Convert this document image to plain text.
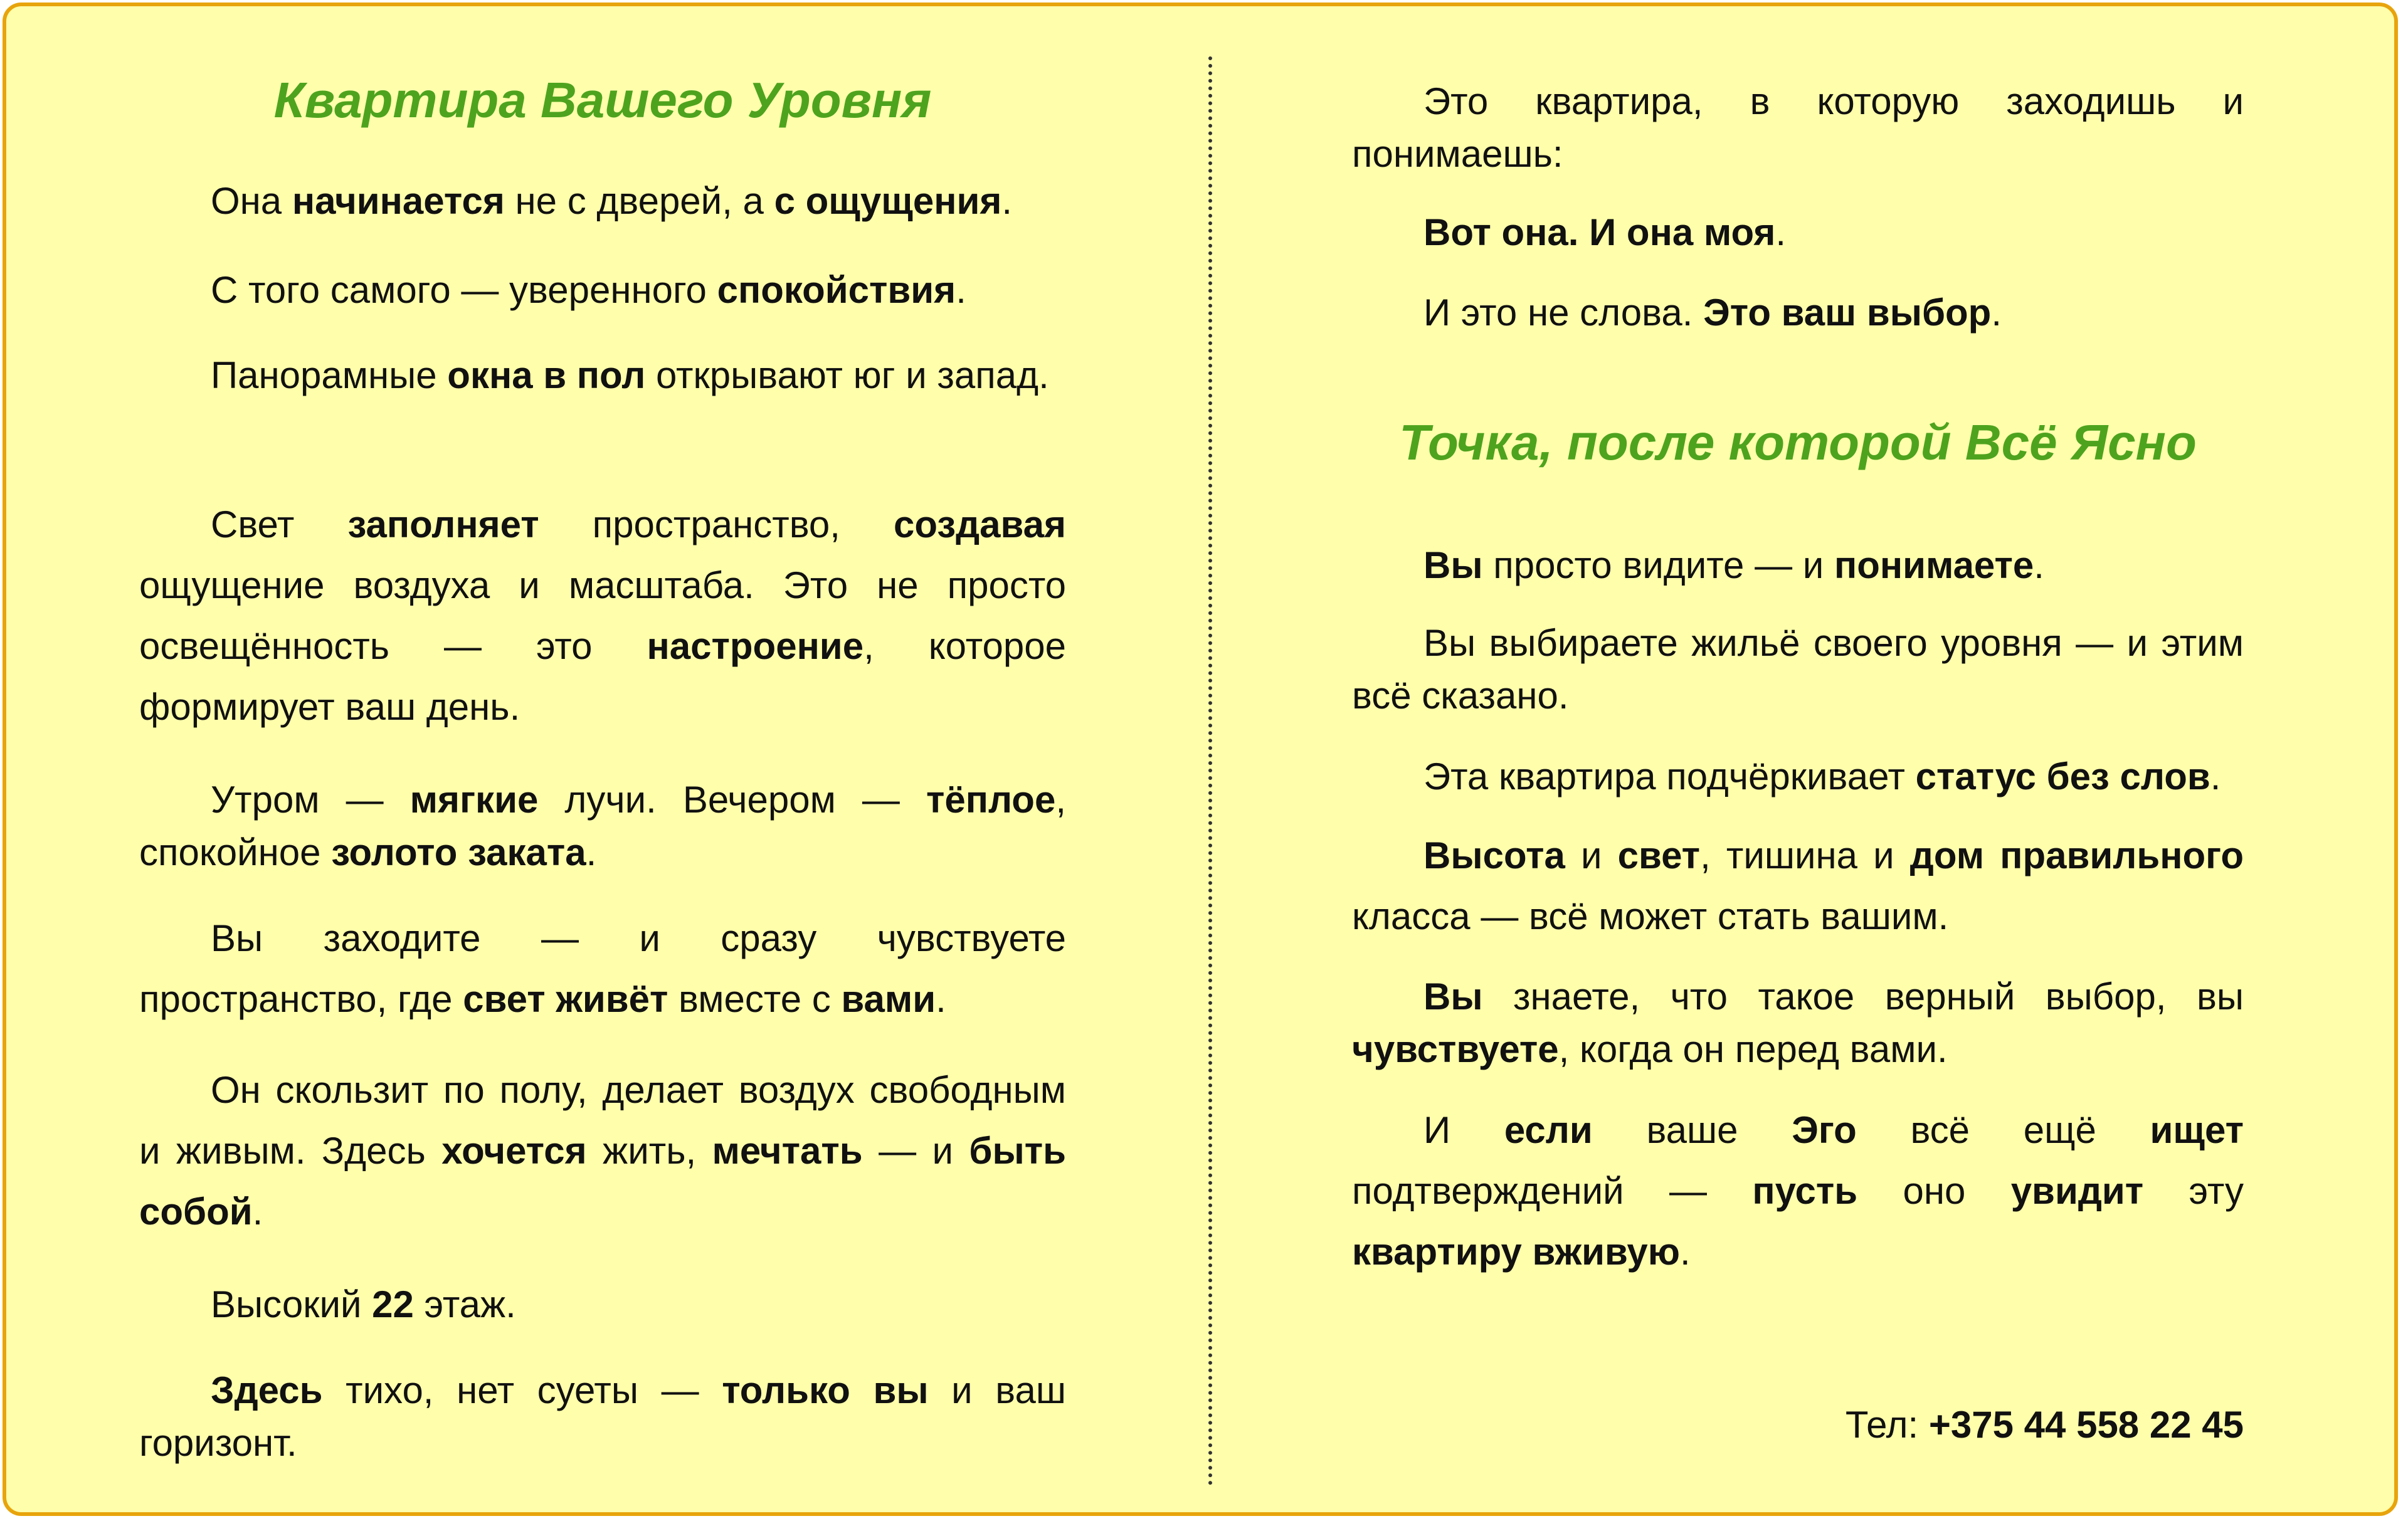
Квартира Вашего Уровня

Она начинается не с дверей, а с ощущения.

С того самого — уверенного спокойствия.

Панорамные окна в пол открывают юг и запад.

Свет заполняет пространство, создавая ощущение воздуха и масштаба. Это не просто освещённость — это настроение, которое формирует ваш день.

Утром — мягкие лучи. Вечером — тёплое, спокойное золото заката.

Вы заходите — и сразу чувствуете пространство, где свет живёт вместе с вами.

Он скользит по полу, делает воздух свободным и живым. Здесь хочется жить, мечтать — и быть собой.

Высокий 22 этаж.

Здесь тихо, нет суеты — только вы и ваш горизонт.

Это квартира, в которую заходишь и понимаешь:

Вот она. И она моя.

И это не слова. Это ваш выбор.

Точка, после которой Всё Ясно

Вы просто видите — и понимаете.

Вы выбираете жильё своего уровня — и этим всё сказано.

Эта квартира подчёркивает статус без слов.

Высота и свет, тишина и дом правильного класса — всё может стать вашим.

Вы знаете, что такое верный выбор, вы чувствуете, когда он перед вами.

И если ваше Эго всё ещё ищет подтверждений — пусть оно увидит эту квартиру вживую.

Тел: +375 44 558 22 45
